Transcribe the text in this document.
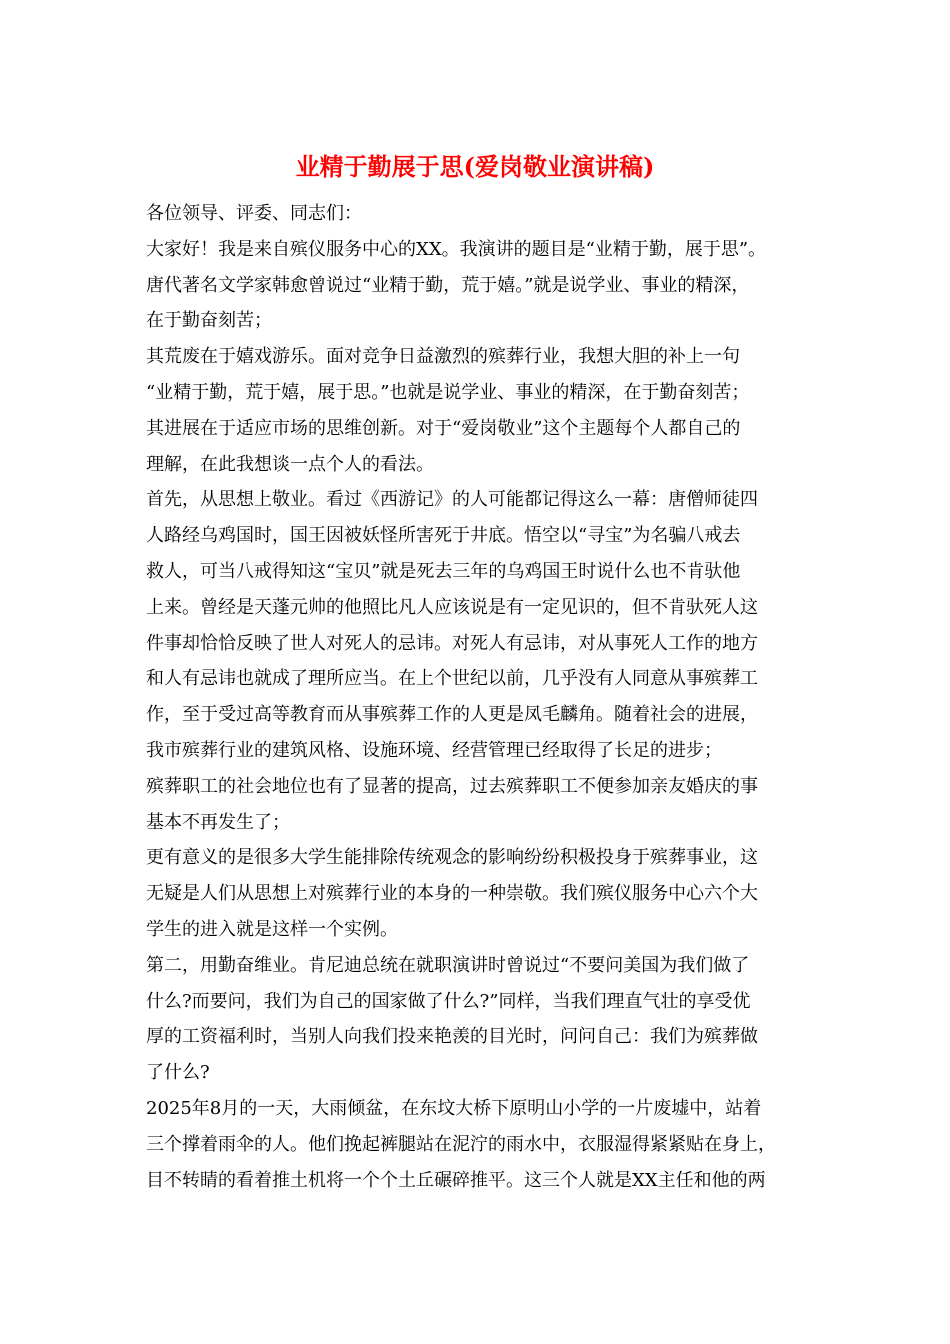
业精于勤展于思(爱岗敬业演讲稿)
各位领导、评委、同志们：
大家好！我是来自殡仪服务中心的XX。我演讲的题目是“业精于勤，展于思”。
唐代著名文学家韩愈曾说过“业精于勤，荒于嬉。”就是说学业、事业的精深，
在于勤奋刻苦；
其荒废在于嬉戏游乐。面对竞争日益激烈的殡葬行业，我想大胆的补上一句
“业精于勤，荒于嬉，展于思。”也就是说学业、事业的精深，在于勤奋刻苦；
其进展在于适应市场的思维创新。对于“爱岗敬业”这个主题每个人都自己的
理解，在此我想谈一点个人的看法。
首先，从思想上敬业。看过《西游记》的人可能都记得这么一幕：唐僧师徒四
人路经乌鸡国时，国王因被妖怪所害死于井底。悟空以“寻宝”为名骗八戒去
救人，可当八戒得知这“宝贝”就是死去三年的乌鸡国王时说什么也不肯驮他
上来。曾经是天蓬元帅的他照比凡人应该说是有一定见识的，但不肯驮死人这
件事却恰恰反映了世人对死人的忌讳。对死人有忌讳，对从事死人工作的地方
和人有忌讳也就成了理所应当。在上个世纪以前，几乎没有人同意从事殡葬工
作，至于受过高等教育而从事殡葬工作的人更是凤毛麟角。随着社会的进展，
我市殡葬行业的建筑风格、设施环境、经营管理已经取得了长足的进步；
殡葬职工的社会地位也有了显著的提高，过去殡葬职工不便参加亲友婚庆的事
基本不再发生了；
更有意义的是很多大学生能排除传统观念的影响纷纷积极投身于殡葬事业，这
无疑是人们从思想上对殡葬行业的本身的一种崇敬。我们殡仪服务中心六个大
学生的进入就是这样一个实例。
第二，用勤奋维业。肯尼迪总统在就职演讲时曾说过“不要问美国为我们做了
什么?而要问，我们为自己的国家做了什么?”同样，当我们理直气壮的享受优
厚的工资福利时，当别人向我们投来艳羡的目光时，问问自己：我们为殡葬做
了什么?
2025年8月的一天，大雨倾盆，在东坟大桥下原明山小学的一片废墟中，站着
三个撑着雨伞的人。他们挽起裤腿站在泥泞的雨水中，衣服湿得紧紧贴在身上，
目不转睛的看着推土机将一个个土丘碾碎推平。这三个人就是XX主任和他的两
